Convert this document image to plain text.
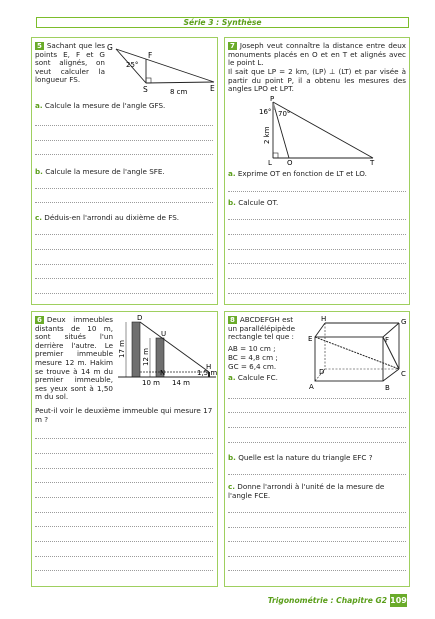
Série 3 : Synthèse
5 Sachant que les points E, F et G sont alignés, on veut calculer la longueur FS.
G
F
E
S
25°
8 cm
a. Calcule la mesure de l'angle GFS.
b. Calcule la mesure de l'angle SFE.
c. Déduis-en l'arrondi au dixième de FS.
7 Joseph veut connaître la distance entre deux monuments placés en O et en T et alignés avec le point L.
Il sait que LP = 2 km, (LP) ⊥ (LT) et par visée à partir du point P, il a obtenu les mesures des angles LPO et LPT.
P
L O	T
16° 70°
2 km
a. Exprime OT en fonction de LT et LO.
b. Calcule OT.
6 Deux immeubles distants de 10 m, sont situés l'un derrière l'autre. Le premier immeuble mesure 12 m. Hakim se trouve à 14 m du premier immeuble, ses yeux sont à 1,50 m du sol.
D
U
H
N
17 m 12 m
10 m 14 m
1,5 m
Peut-il voir le deuxième immeuble qui mesure 17 m ?
8 ABCDEFGH est un parallélépipède rectangle tel que :
AB = 10 cm ;
BC = 4,8 cm ;
GC = 6,4 cm.
a. Calcule FC.
H	G
E	F
D	C
A	B
b. Quelle est la nature du triangle EFC ?
c. Donne l'arrondi à l'unité de la mesure de l'angle FCE.
Trigonométrie : Chapitre G2 109
